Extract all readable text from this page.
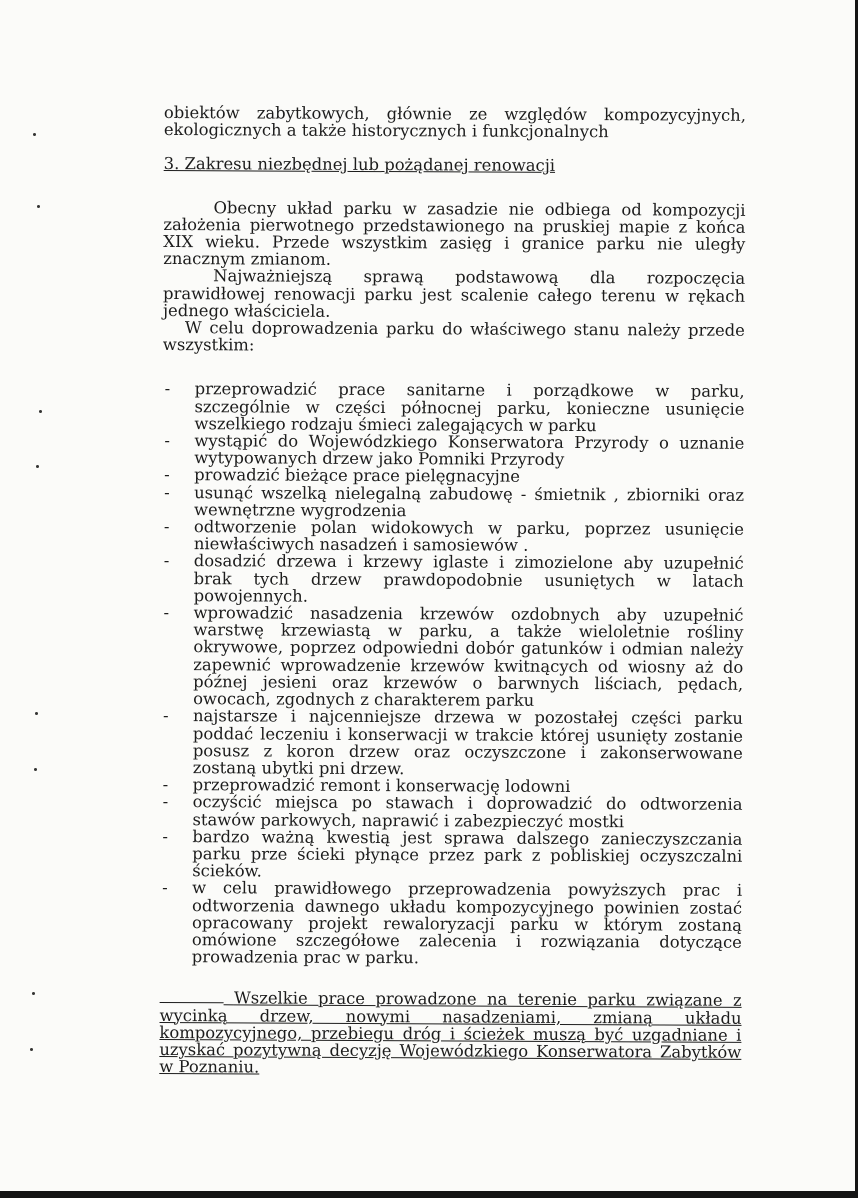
obiektów zabytkowych, głównie ze względów kompozycyjnych, ekologicznych a także historycznych i funkcjonalnych

3. Zakresu niezbędnej lub pożądanej renowacji

Obecny układ parku w zasadzie nie odbiega od kompozycji założenia pierwotnego przedstawionego na pruskiej mapie z końca XIX wieku. Przede wszystkim zasięg i granice parku nie uległy znacznym zmianom.

Najważniejszą sprawą podstawową dla rozpoczęcia prawidłowej renowacji parku jest scalenie całego terenu w rękach jednego właściciela.

W celu doprowadzenia parku do właściwego stanu należy przede wszystkim:

- przeprowadzić prace sanitarne i porządkowe w parku, szczególnie w części północnej parku, konieczne usunięcie wszelkiego rodzaju śmieci zalegających w parku
- wystąpić do Wojewódzkiego Konserwatora Przyrody o uznanie wytypowanych drzew jako Pomniki Przyrody
- prowadzić bieżące prace pielęgnacyjne
- usunąć wszelką nielegalną zabudowę - śmietnik , zbiorniki oraz wewnętrzne wygrodzenia
- odtworzenie polan widokowych w parku, poprzez usunięcie niewłaściwych nasadzeń i samosiewów .
- dosadzić drzewa i krzewy iglaste i zimozielone aby uzupełnić brak tych drzew prawdopodobnie usuniętych w latach powojennych.
- wprowadzić nasadzenia krzewów ozdobnych aby uzupełnić warstwę krzewiastą w parku, a także wieloletnie rośliny okrywowe, poprzez odpowiedni dobór gatunków i odmian należy zapewnić wprowadzenie krzewów kwitnących od wiosny aż do późnej jesieni oraz krzewów o barwnych liściach, pędach, owocach, zgodnych z charakterem parku
- najstarsze i najcenniejsze drzewa w pozostałej części parku poddać leczeniu i konserwacji w trakcie której usunięty zostanie posusz z koron drzew oraz oczyszczone i zakonserwowane zostaną ubytki pni drzew.
- przeprowadzić remont i konserwację lodowni
- oczyścić miejsca po stawach i doprowadzić do odtworzenia stawów parkowych, naprawić i zabezpieczyć mostki
- bardzo ważną kwestią jest sprawa dalszego zanieczyszczania parku prze ścieki płynące przez park z pobliskiej oczyszczalni ścieków.
- w celu prawidłowego przeprowadzenia powyższych prac i odtworzenia dawnego układu kompozycyjnego powinien zostać opracowany projekt rewaloryzacji parku w którym zostaną omówione szczegółowe zalecenia i rozwiązania dotyczące prowadzenia prac w parku.

Wszelkie prace prowadzone na terenie parku związane z wycinką drzew, nowymi nasadzeniami, zmianą układu kompozycyjnego, przebiegu dróg i ścieżek muszą być uzgadniane i uzyskać pozytywną decyzję Wojewódzkiego Konserwatora Zabytków w Poznaniu.
